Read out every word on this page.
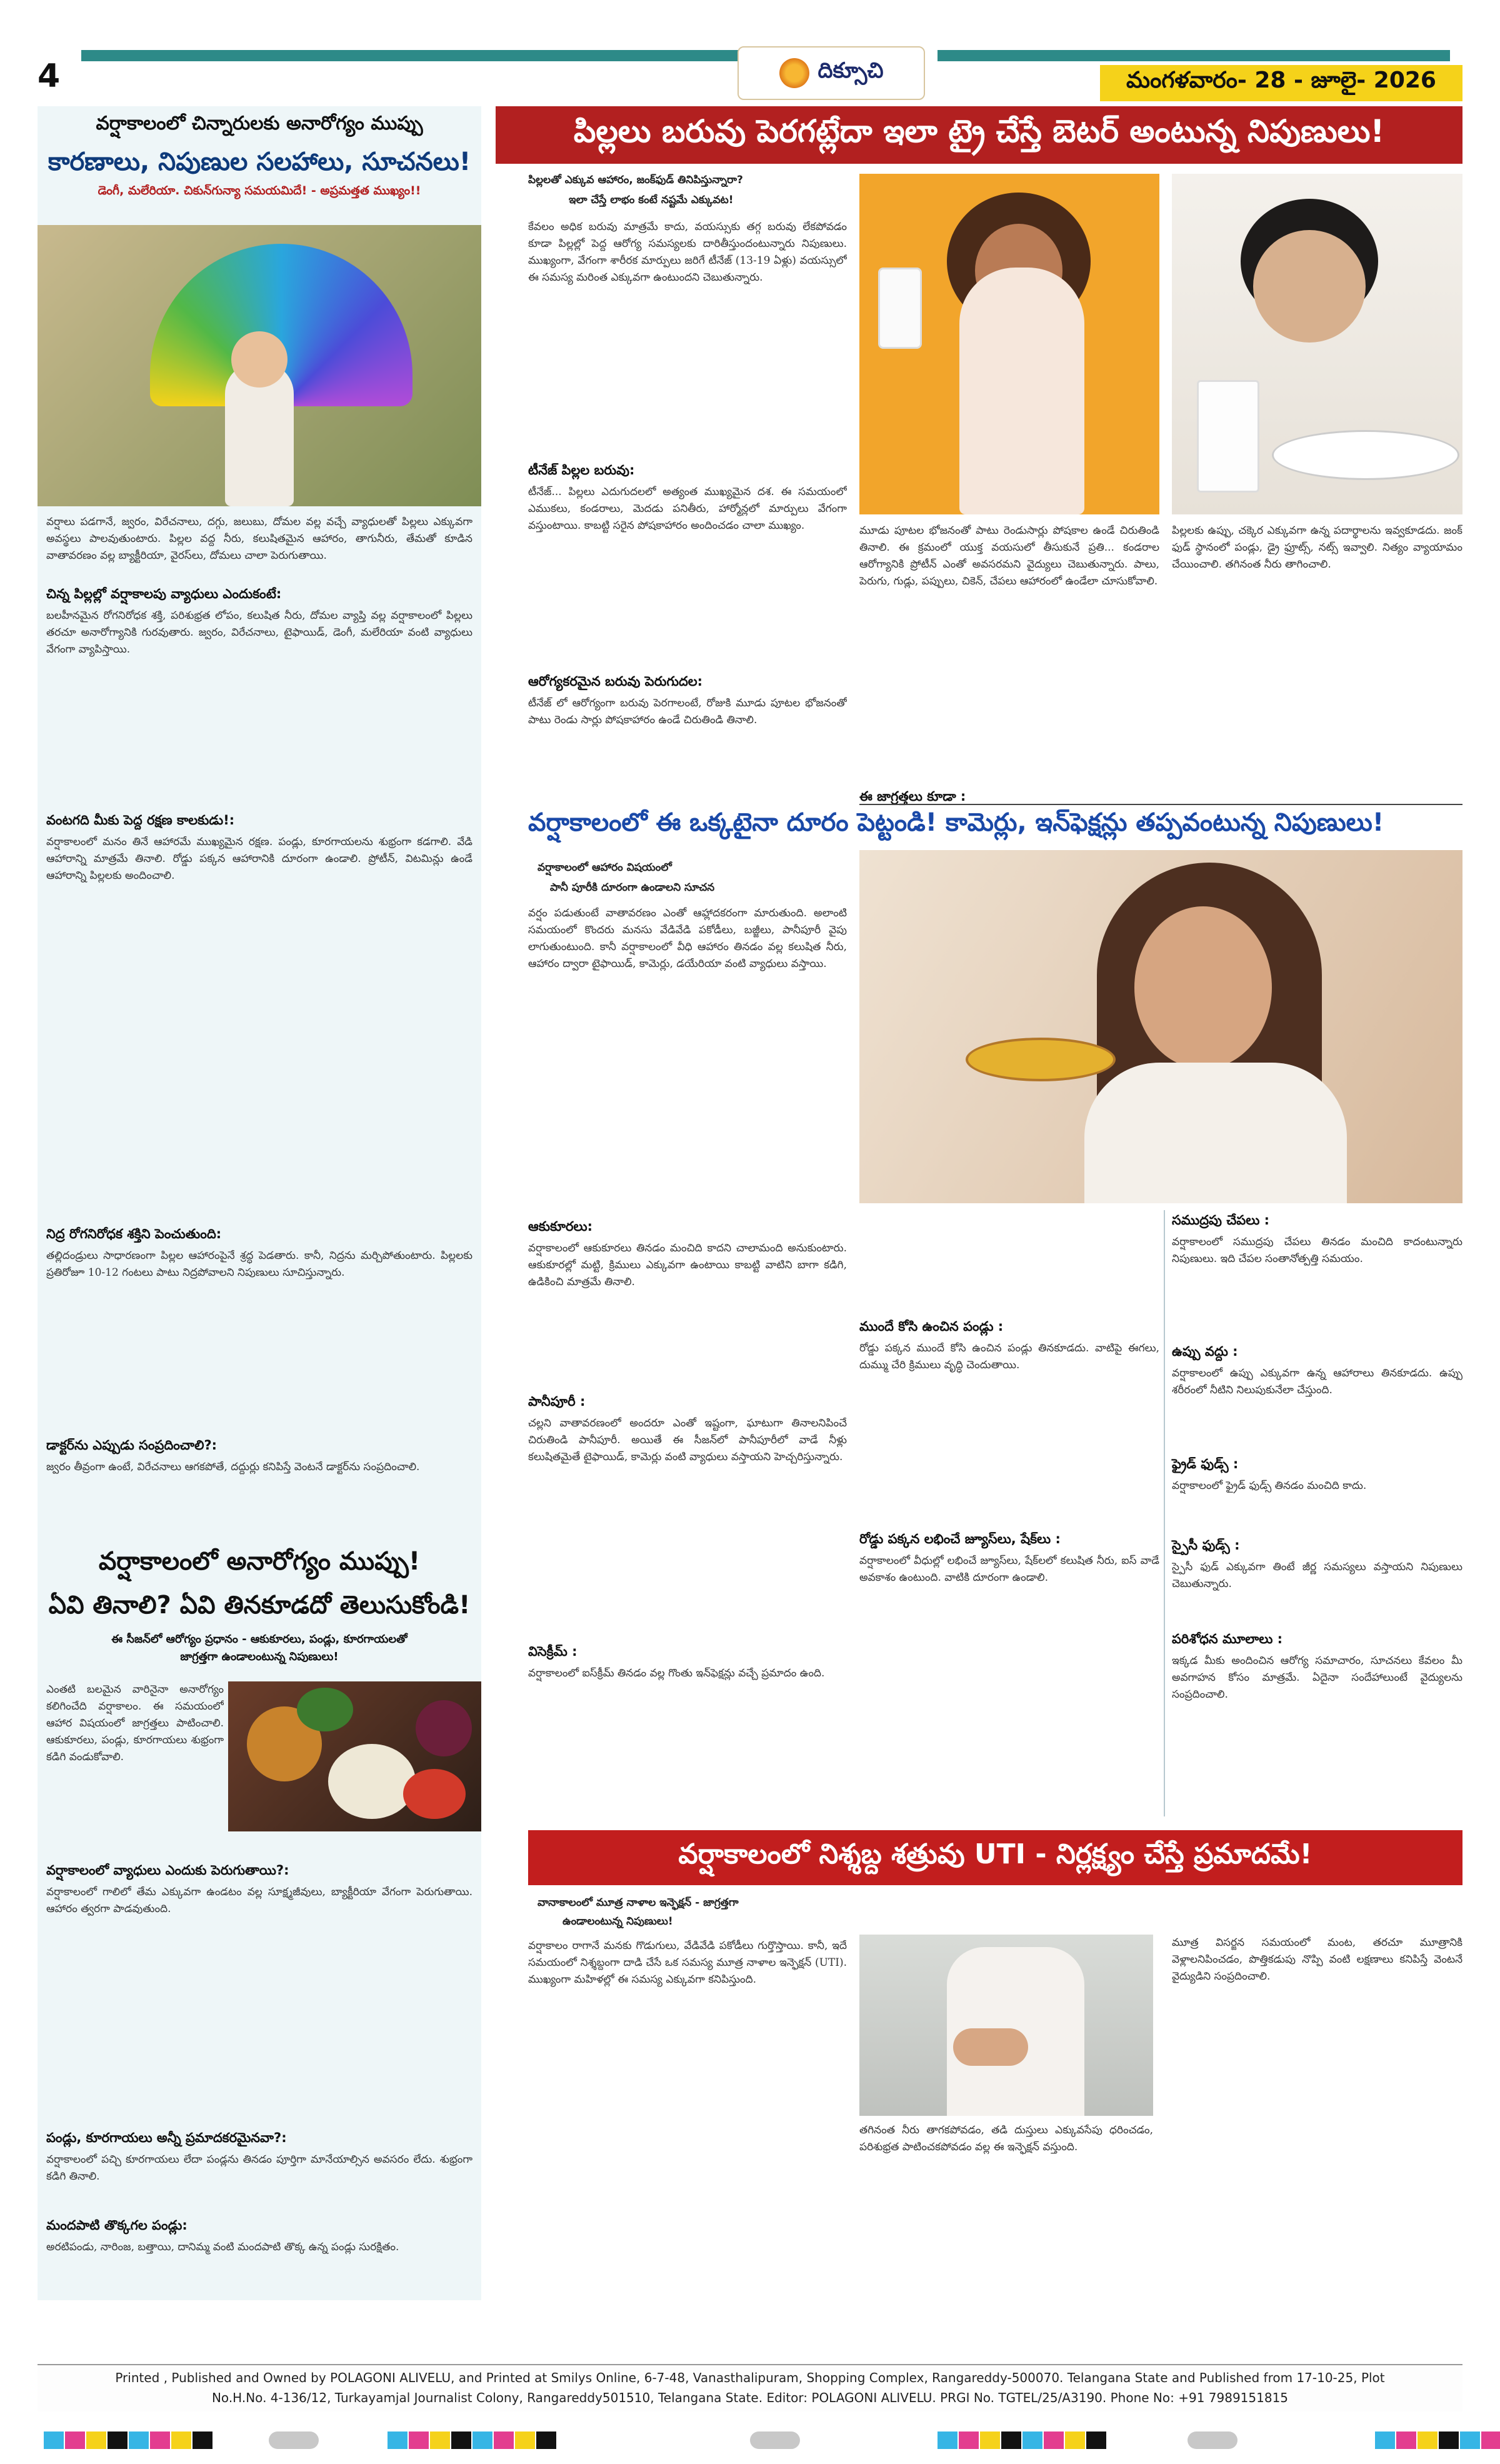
4	దిక్సూచి	మంగళవారం- 28 - జూలై- 2026
వర్షాకాలంలో చిన్నారులకు అనారోగ్యం ముప్పు
కారణాలు, నిపుణుల సలహాలు, సూచనలు!
డెంగీ, మలేరియా. చికున్‌గున్యా సమయమిదే! - అప్రమత్తత ముఖ్యం!!
వర్షాలు పడగానే, జ్వరం, విరేచనాలు, దగ్గు, జలుబు, దోమల వల్ల వచ్చే వ్యాధులతో పిల్లలు ఎక్కువగా అవస్థలు పాలవుతుంటారు. పిల్లల వద్ద నీరు, కలుషితమైన ఆహారం, తాగునీరు, తేమతో కూడిన వాతావరణం వల్ల బ్యాక్టీరియా, వైరస్‌లు, దోమలు చాలా పెరుగుతాయి.
చిన్న పిల్లల్లో వర్షాకాలపు వ్యాధులు ఎందుకంటే:
బలహీనమైన రోగనిరోధక శక్తి, పరిశుభ్రత లోపం, కలుషిత నీరు, దోమల వ్యాప్తి వల్ల వర్షాకాలంలో పిల్లలు తరచూ అనారోగ్యానికి గురవుతారు. జ్వరం, విరేచనాలు, టైఫాయిడ్, డెంగీ, మలేరియా వంటి వ్యాధులు వేగంగా వ్యాపిస్తాయి.
వంటగది మీకు పెద్ద రక్షణ కాలకుడు!:
వర్షాకాలంలో మనం తినే ఆహారమే ముఖ్యమైన రక్షణ. పండ్లు, కూరగాయలను శుభ్రంగా కడగాలి. వేడి ఆహారాన్ని మాత్రమే తినాలి. రోడ్డు పక్కన ఆహారానికి దూరంగా ఉండాలి. ప్రోటీన్, విటమిన్లు ఉండే ఆహారాన్ని పిల్లలకు అందించాలి.
నిద్ర రోగనిరోధక శక్తిని పెంచుతుంది:
తల్లిదండ్రులు సాధారణంగా పిల్లల ఆహారంపైనే శ్రద్ధ పెడతారు. కానీ, నిద్రను మర్చిపోతుంటారు. పిల్లలకు ప్రతిరోజూ 10-12 గంటలు పాటు నిద్రపోవాలని నిపుణులు సూచిస్తున్నారు.
డాక్టర్‌ను ఎప్పుడు సంప్రదించాలి?:
జ్వరం తీవ్రంగా ఉంటే, విరేచనాలు ఆగకపోతే, దద్దుర్లు కనిపిస్తే వెంటనే డాక్టర్‌ను సంప్రదించాలి.
వర్షాకాలంలో అనారోగ్యం ముప్పు!
ఏవి తినాలి? ఏవి తినకూడదో తెలుసుకోండి!
ఈ సీజన్‌లో ఆరోగ్యం ప్రధానం - ఆకుకూరలు, పండ్లు, కూరగాయలతో
జాగ్రత్తగా ఉండాలంటున్న నిపుణులు!
ఎంతటి బలమైన వారినైనా అనారోగ్యం కలిగించేది వర్షాకాలం. ఈ సమయంలో ఆహార విషయంలో జాగ్రత్తలు పాటించాలి. ఆకుకూరలు, పండ్లు, కూరగాయలు శుభ్రంగా కడిగి వండుకోవాలి.
వర్షాకాలంలో వ్యాధులు ఎందుకు పెరుగుతాయి?:
వర్షాకాలంలో గాలిలో తేమ ఎక్కువగా ఉండటం వల్ల సూక్ష్మజీవులు, బ్యాక్టీరియా వేగంగా పెరుగుతాయి. ఆహారం త్వరగా పాడవుతుంది.
పండ్లు, కూరగాయలు అన్నీ ప్రమాదకరమైనవా?:
వర్షాకాలంలో పచ్చి కూరగాయలు లేదా పండ్లను తినడం పూర్తిగా మానేయాల్సిన అవసరం లేదు. శుభ్రంగా కడిగి తినాలి.
మందపాటి తొక్కగల పండ్లు:
అరటిపండు, నారింజ, బత్తాయి, దానిమ్మ వంటి మందపాటి తొక్క ఉన్న పండ్లు సురక్షితం.
పిల్లలు బరువు పెరగట్లేదా ఇలా ట్రై చేస్తే బెటర్ అంటున్న నిపుణులు!
పిల్లలతో ఎక్కువ ఆహారం, జంక్‌ఫుడ్ తినిపిస్తున్నారా?
ఇలా చేస్తే లాభం కంటే నష్టమే ఎక్కువట!
కేవలం అధిక బరువు మాత్రమే కాదు, వయస్సుకు తగ్గ బరువు లేకపోవడం కూడా పిల్లల్లో పెద్ద ఆరోగ్య సమస్యలకు దారితీస్తుందంటున్నారు నిపుణులు. ముఖ్యంగా, వేగంగా శారీరక మార్పులు జరిగే టీనేజ్ (13-19 ఏళ్లు) వయస్సులో ఈ సమస్య మరింత ఎక్కువగా ఉంటుందని చెబుతున్నారు.
టీనేజ్ పిల్లల బరువు:
టీనేజ్... పిల్లలు ఎదుగుదలలో అత్యంత ముఖ్యమైన దశ. ఈ సమయంలో ఎముకలు, కండరాలు, మెదడు పనితీరు, హార్మోన్లలో మార్పులు వేగంగా వస్తుంటాయి. కాబట్టి సరైన పోషకాహారం అందించడం చాలా ముఖ్యం.
ఆరోగ్యకరమైన బరువు పెరుగుదల:
టీనేజ్ లో ఆరోగ్యంగా బరువు పెరగాలంటే, రోజుకి మూడు పూటల భోజనంతో పాటు రెండు సార్లు పోషకాహారం ఉండే చిరుతిండి తినాలి.
మూడు పూటల భోజనంతో పాటు రెండుసార్లు పోషకాల ఉండే చిరుతిండి తినాలి. ఈ క్రమంలో యుక్త వయసులో తీసుకునే ప్రతి... కండరాల ఆరోగ్యానికి ప్రోటీన్ ఎంతో అవసరమని వైద్యులు చెబుతున్నారు. పాలు, పెరుగు, గుడ్లు, పప్పులు, చికెన్, చేపలు ఆహారంలో ఉండేలా చూసుకోవాలి.
ఈ జాగ్రత్తలు కూడా :
పిల్లలకు ఉప్పు, చక్కెర ఎక్కువగా ఉన్న పదార్థాలను ఇవ్వకూడదు. జంక్ ఫుడ్ స్థానంలో పండ్లు, డ్రై ఫ్రూట్స్, నట్స్ ఇవ్వాలి. నిత్యం వ్యాయామం చేయించాలి. తగినంత నీరు తాగించాలి.
వర్షాకాలంలో ఈ ఒక్కటైనా దూరం పెట్టండి! కామెర్లు, ఇన్‌ఫెక్షన్లు తప్పవంటున్న నిపుణులు!
వర్షాకాలంలో ఆహారం విషయంలో
పానీ పూరీకి దూరంగా ఉండాలని సూచన
వర్షం పడుతుంటే వాతావరణం ఎంతో ఆహ్లాదకరంగా మారుతుంది. అలాంటి సమయంలో కొందరు మనసు వేడివేడి పకోడీలు, బజ్జీలు, పానీపూరీ వైపు లాగుతుంటుంది. కానీ వర్షాకాలంలో వీధి ఆహారం తినడం వల్ల కలుషిత నీరు, ఆహారం ద్వారా టైఫాయిడ్, కామెర్లు, డయేరియా వంటి వ్యాధులు వస్తాయి.
ఆకుకూరలు:
వర్షాకాలంలో ఆకుకూరలు తినడం మంచిది కాదని చాలామంది అనుకుంటారు. ఆకుకూరల్లో మట్టి, క్రిములు ఎక్కువగా ఉంటాయి కాబట్టి వాటిని బాగా కడిగి, ఉడికించి మాత్రమే తినాలి.
పానీపూరీ :
చల్లని వాతావరణంలో అందరూ ఎంతో ఇష్టంగా, ఘాటుగా తినాలనిపించే చిరుతిండి పానీపూరీ. అయితే ఈ సీజన్‌లో పానీపూరీలో వాడే నీళ్లు కలుషితమైతే టైఫాయిడ్, కామెర్లు వంటి వ్యాధులు వస్తాయని హెచ్చరిస్తున్నారు.
విసెక్రీమ్ :
వర్షాకాలంలో ఐస్‌క్రీమ్ తినడం వల్ల గొంతు ఇన్‌ఫెక్షన్లు వచ్చే ప్రమాదం ఉంది.
ముందే కోసి ఉంచిన పండ్లు :
రోడ్డు పక్కన ముందే కోసి ఉంచిన పండ్లు తినకూడదు. వాటిపై ఈగలు, దుమ్ము చేరి క్రిములు వృద్ధి చెందుతాయి.
రోడ్డు పక్కన లభించే జ్యూస్‌లు, షేక్‌లు :
వర్షాకాలంలో వీధుల్లో లభించే జ్యూస్‌లు, షేక్‌లలో కలుషిత నీరు, ఐస్ వాడే అవకాశం ఉంటుంది. వాటికి దూరంగా ఉండాలి.
సముద్రపు చేపలు :
వర్షాకాలంలో సముద్రపు చేపలు తినడం మంచిది కాదంటున్నారు నిపుణులు. ఇది చేపల సంతానోత్పత్తి సమయం.
ఉప్పు వద్దు :
వర్షాకాలంలో ఉప్పు ఎక్కువగా ఉన్న ఆహారాలు తినకూడదు. ఉప్పు శరీరంలో నీటిని నిలుపుకునేలా చేస్తుంది.
ఫ్రైడ్ ఫుడ్స్ :
వర్షాకాలంలో ఫ్రైడ్ ఫుడ్స్ తినడం మంచిది కాదు.
స్పైసీ ఫుడ్స్ :
స్పైసీ ఫుడ్ ఎక్కువగా తింటే జీర్ణ సమస్యలు వస్తాయని నిపుణులు చెబుతున్నారు.
పరిశోధన మూలాలు :
ఇక్కడ మీకు అందించిన ఆరోగ్య సమాచారం, సూచనలు కేవలం మీ అవగాహన కోసం మాత్రమే. ఏదైనా సందేహాలుంటే వైద్యులను సంప్రదించాలి.
వర్షాకాలంలో నిశ్శబ్ద శత్రువు UTI - నిర్లక్ష్యం చేస్తే ప్రమాదమే!
వానాకాలంలో మూత్ర నాళాల ఇన్ఫెక్షన్ - జాగ్రత్తగా
ఉండాలంటున్న నిపుణులు!
వర్షాకాలం రాగానే మనకు గొడుగులు, వేడివేడి పకోడీలు గుర్తొస్తాయి. కానీ, ఇదే సమయంలో నిశ్శబ్దంగా దాడి చేసే ఒక సమస్య మూత్ర నాళాల ఇన్ఫెక్షన్ (UTI). ముఖ్యంగా మహిళల్లో ఈ సమస్య ఎక్కువగా కనిపిస్తుంది.
తగినంత నీరు తాగకపోవడం, తడి దుస్తులు ఎక్కువసేపు ధరించడం, పరిశుభ్రత పాటించకపోవడం వల్ల ఈ ఇన్ఫెక్షన్ వస్తుంది.
మూత్ర విసర్జన సమయంలో మంట, తరచూ మూత్రానికి వెళ్లాలనిపించడం, పొత్తికడుపు నొప్పి వంటి లక్షణాలు కనిపిస్తే వెంటనే వైద్యుడిని సంప్రదించాలి.
Printed , Published and Owned by POLAGONI ALIVELU, and Printed at Smilys Online, 6-7-48, Vanasthalipuram, Shopping Complex, Rangareddy-500070. Telangana State and Published from 17-10-25, Plot
No.H.No. 4-136/12, Turkayamjal Journalist Colony, Rangareddy501510, Telangana State. Editor: POLAGONI ALIVELU. PRGI No. TGTEL/25/A3190. Phone No: +91 7989151815
